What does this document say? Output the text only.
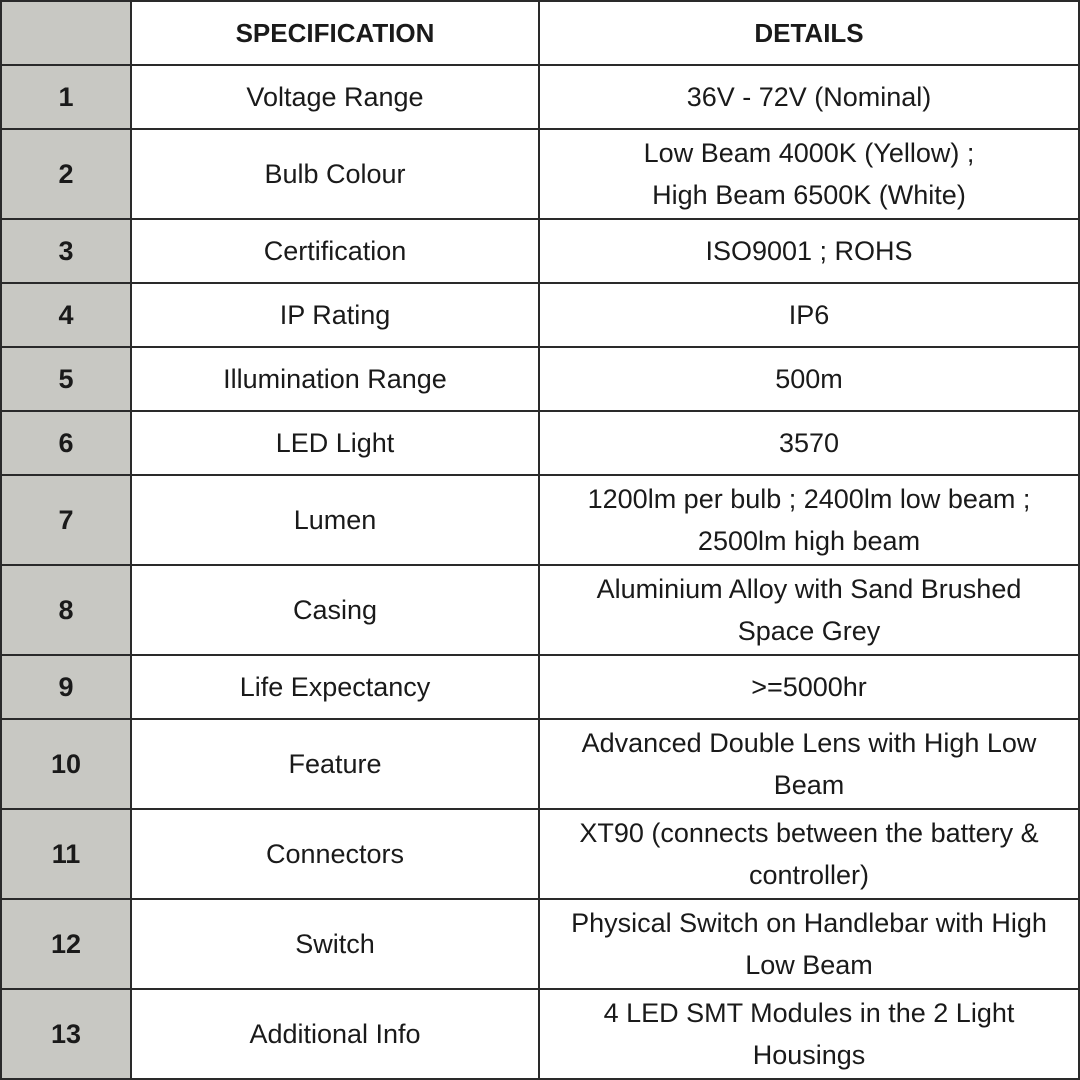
	SPECIFICATION	DETAILS
1	Voltage Range	36V - 72V (Nominal)
2	Bulb Colour	Low Beam 4000K (Yellow) ;
High Beam 6500K (White)
3	Certification	ISO9001 ; ROHS
4	IP Rating	IP6
5	Illumination Range	500m
6	LED Light	3570
7	Lumen	1200lm per bulb ; 2400lm low beam ;
2500lm high beam
8	Casing	Aluminium Alloy with Sand Brushed
Space Grey
9	Life Expectancy	>=5000hr
10	Feature	Advanced Double Lens with High Low
Beam
11	Connectors	XT90 (connects between the battery &
controller)
12	Switch	Physical Switch on Handlebar with High
Low Beam
13	Additional Info	4 LED SMT Modules in the 2 Light
Housings
